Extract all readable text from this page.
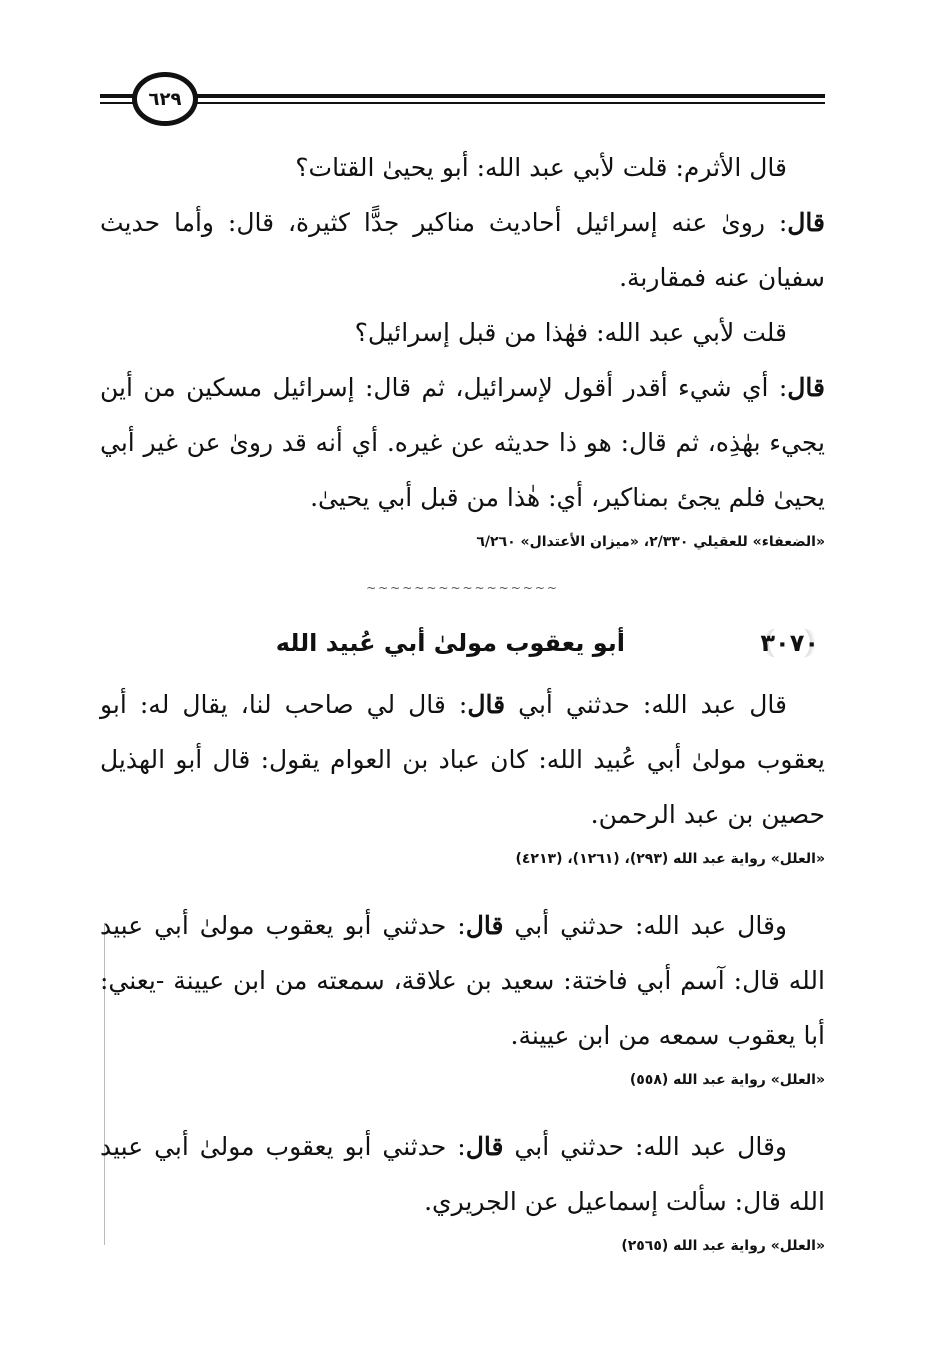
٦٢٩

قال الأثرم: قلت لأبي عبد الله: أبو يحيىٰ القتات؟

قال: رویٰ عنه إسرائيل أحاديث مناكير جدًّا كثيرة، قال: وأما حديث سفيان عنه فمقاربة.

قلت لأبي عبد الله: فهٰذا من قبل إسرائيل؟

قال: أي شيء أقدر أقول لإسرائيل، ثم قال: إسرائيل مسكين من أين يجيء بهٰذِه، ثم قال: هو ذا حديثه عن غيره. أي أنه قد رویٰ عن غير أبي يحيىٰ فلم يجئ بمناكير، أي: هٰذا من قبل أبي يحيىٰ.

«الضعفاء» للعقيلي ٢/٣٣٠، «ميزان الأعتدال» ٦/٢٦٠

~~~~~~~~~~~~~~~~
٣٠٧٠
أبو يعقوب مولىٰ أبي عُبيد الله

قال عبد الله: حدثني أبي قال: قال لي صاحب لنا، يقال له: أبو يعقوب مولىٰ أبي عُبيد الله: كان عباد بن العوام يقول: قال أبو الهذيل حصين بن عبد الرحمن.

«العلل» رواية عبد الله (٢٩٣)، (١٢٦١)، (٤٢١٣)

وقال عبد الله: حدثني أبي قال: حدثني أبو يعقوب مولىٰ أبي عبيد الله قال: آسم أبي فاختة: سعيد بن علاقة، سمعته من ابن عيينة -يعني: أبا يعقوب سمعه من ابن عيينة.

«العلل» رواية عبد الله (٥٥٨)

وقال عبد الله: حدثني أبي قال: حدثني أبو يعقوب مولىٰ أبي عبيد الله قال: سألت إسماعيل عن الجريري.

«العلل» رواية عبد الله (٢٥٦٥)
